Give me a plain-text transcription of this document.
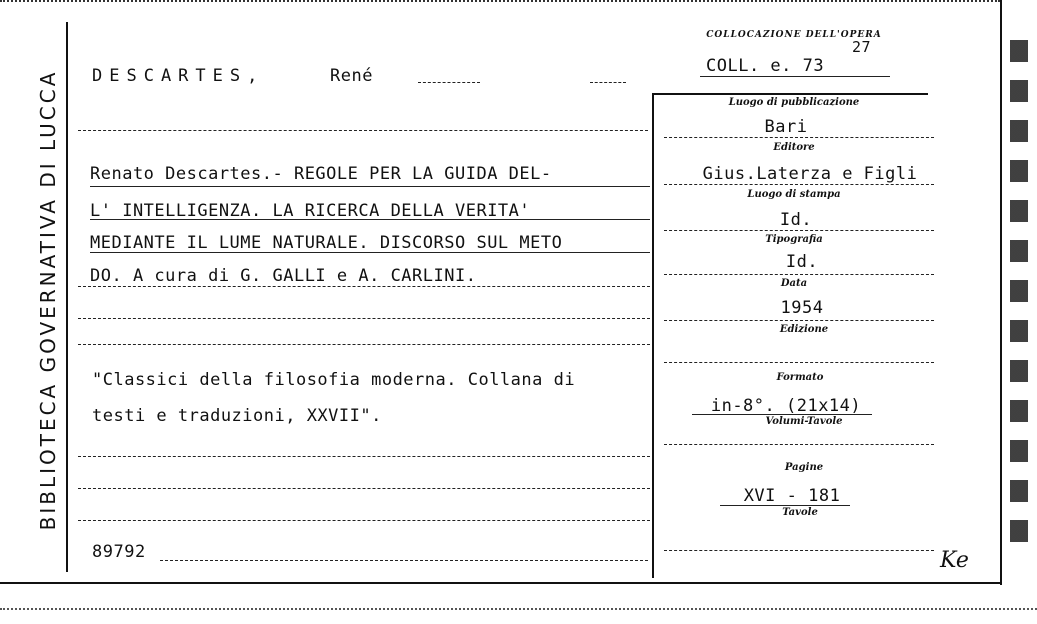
BIBLIOTECA GOVERNATIVA DI LUCCA DESCARTES,	René
Renato Descartes.- REGOLE PER LA GUIDA DEL-
L' INTELLIGENZA. LA RICERCA DELLA VERITA'
MEDIANTE IL LUME NATURALE. DISCORSO SUL METO
DO. A cura di G. GALLI e A. CARLINI.
"Classici della filosofia moderna. Collana di
testi e traduzioni, XXVII".
89792
COLLOCAZIONE DELL'OPERA
COLL. e. 73
27
Luogo di pubblicazione
Bari
Editore
Gius.Laterza e Figli
Luogo di stampa
Id.
Tipografia
Id.
Data
1954
Edizione
Formato
in-8°. (21x14)
Volumi-Tavole
Pagine
XVI - 181
Tavole
Ke
